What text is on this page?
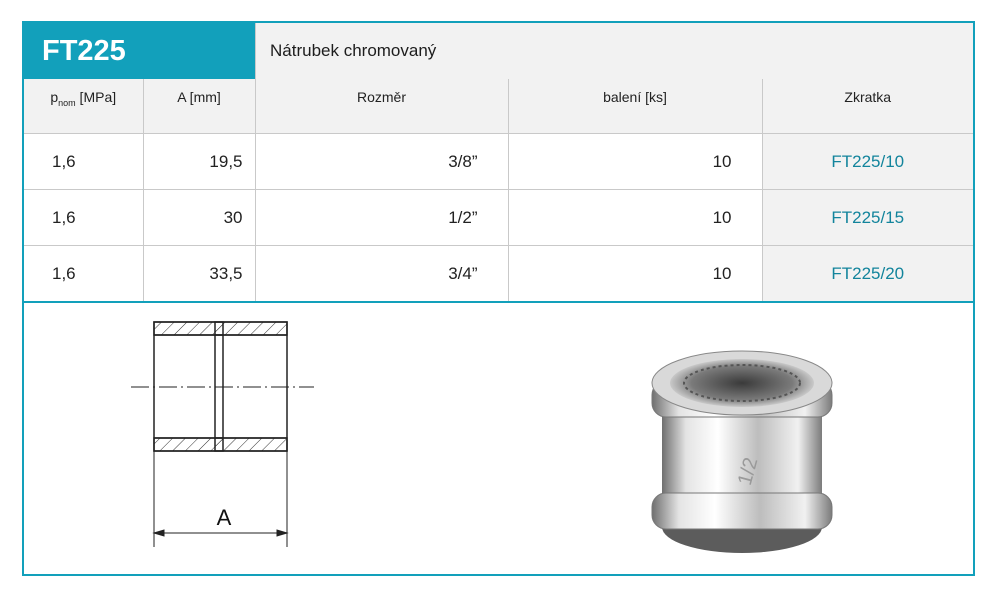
FT225	Nátrubek chromovaný
$p_{nom}$ [MPa]	A [mm]	Rozměr	balení [ks]	Zkratka
1,6	19,5	3/8”	10	FT225/10
1,6	30	1/2”	10	FT225/15
1,6	33,5	3/4”	10	FT225/20
A
1/2
